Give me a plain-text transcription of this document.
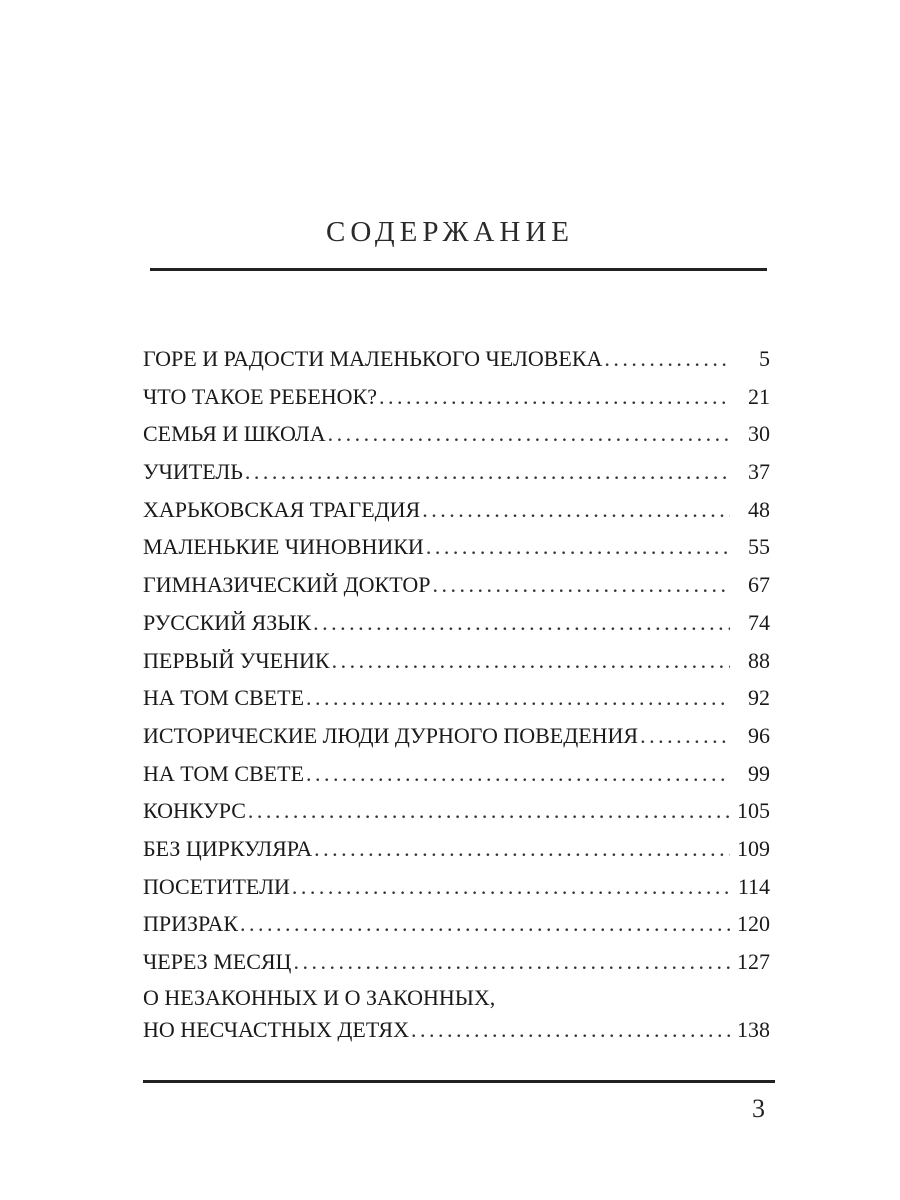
СОДЕРЖАНИЕ
ГОРЕ И РАДОСТИ МАЛЕНЬКОГО ЧЕЛОВЕКА . . .	5
ЧТО ТАКОЕ РЕБЕНОК? . . .	21
СЕМЬЯ И ШКОЛА . . .	30
УЧИТЕЛЬ . . .	37
ХАРЬКОВСКАЯ ТРАГЕДИЯ . . .	48
МАЛЕНЬКИЕ ЧИНОВНИКИ . . .	55
ГИМНАЗИЧЕСКИЙ ДОКТОР . . .	67
РУССКИЙ ЯЗЫК . . .	74
ПЕРВЫЙ УЧЕНИК . . .	88
НА ТОМ СВЕТЕ . . .	92
ИСТОРИЧЕСКИЕ ЛЮДИ ДУРНОГО ПОВЕДЕНИЯ . . .	96
НА ТОМ СВЕТЕ . . .	99
КОНКУРС . . .	105
БЕЗ ЦИРКУЛЯРА . . .	109
ПОСЕТИТЕЛИ . . .	114
ПРИЗРАК . . .	120
ЧЕРЕЗ МЕСЯЦ . . .	127
О НЕЗАКОННЫХ И О ЗАКОННЫХ,
НО НЕСЧАСТНЫХ ДЕТЯХ . . .	138
3
